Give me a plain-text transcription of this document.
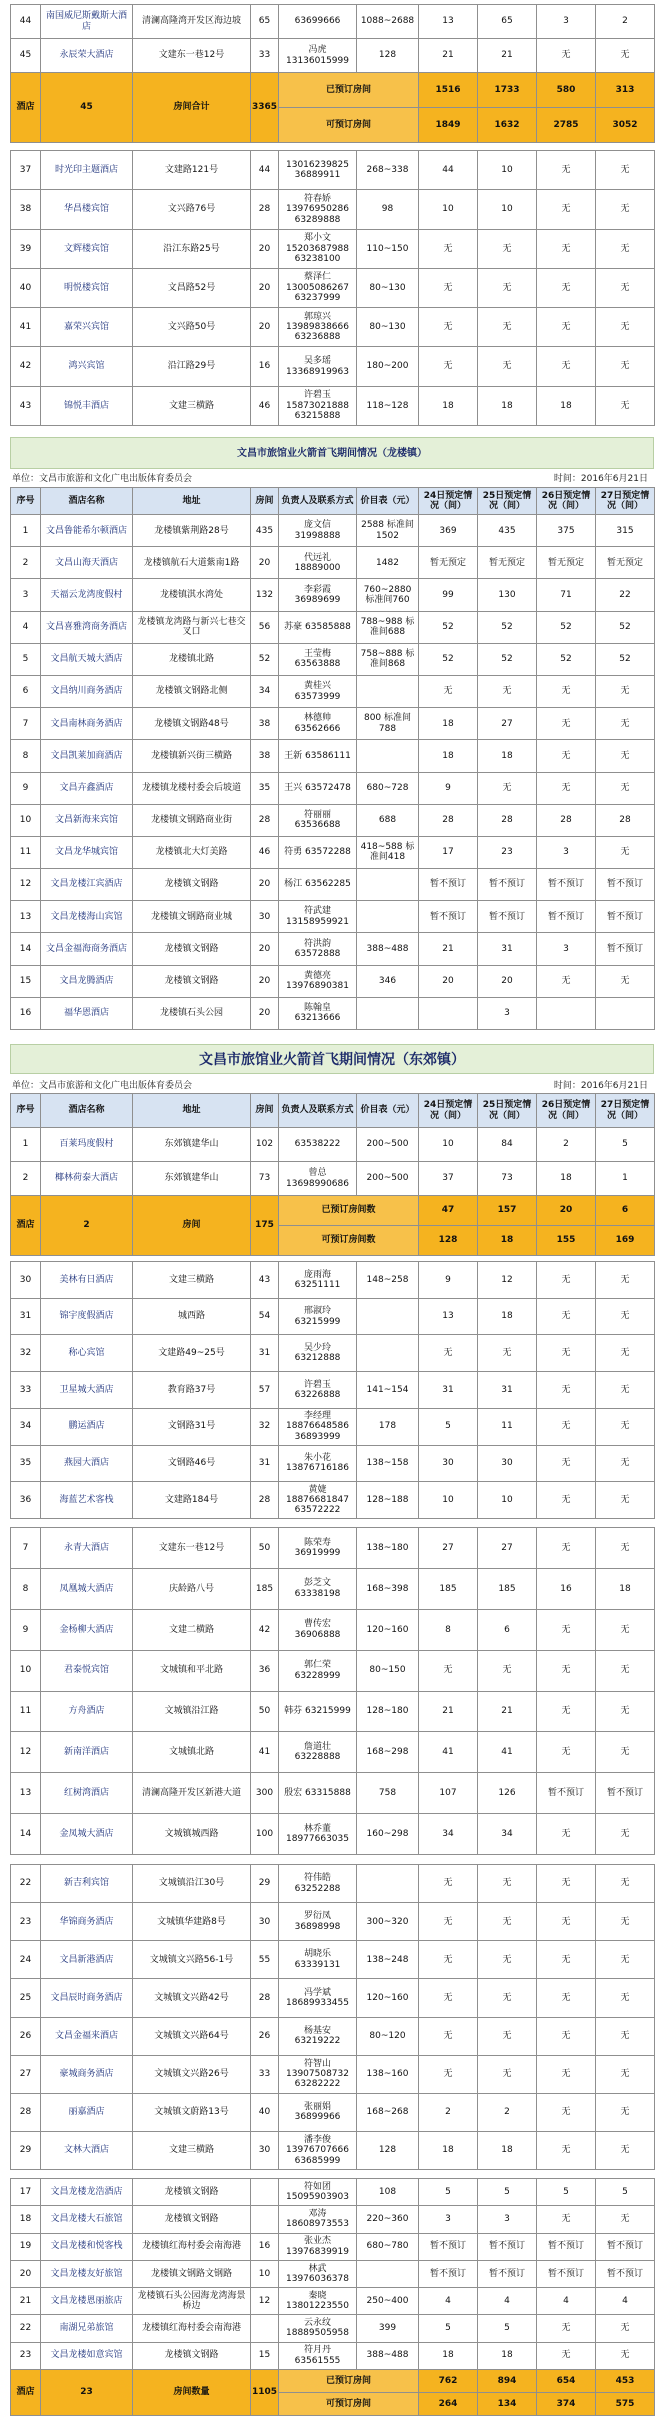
44	南国威尼斯戴斯大酒店	清澜高隆湾开发区海边坡	65	63699666	1088~2688	13	65	3	2
45	永辰荣大酒店	文建东一巷12号	33	冯虎 13136015999	128	21	21	无	无
酒店	45	房间合计	3365	已预订房间		1516	1733	580	313
				可预订房间		1849	1632	2785	3052
37	时光印主题酒店	文建路121号	44	13016239825 36889911	268~338	44	10	无	无
38	华昌楼宾馆	文兴路76号	28	符春娇 13976950286 63289888	98	10	10	无	无
39	文辉楼宾馆	沿江东路25号	20	郑小文 15203687988 63238100	110~150	无	无	无	无
40	明悦楼宾馆	文昌路52号	20	蔡泽仁 13005086267 63237999	80~130	无	无	无	无
41	嘉荣兴宾馆	文兴路50号	20	郭琼兴 13989838666 63236888	80~130	无	无	无	无
42	鸿兴宾馆	沿江路29号	16	吴多瑶 13368919963	180~200	无	无	无	无
43	锦悦丰酒店	文建三横路	46	许碧玉 15873021888 63215888	118~128	18	18	18	无
文昌市旅馆业火箭首飞期间情况（龙楼镇）
单位：文昌市旅游和文化广电出版体育委员会	时间：2016年6月21日
序号	酒店名称	地址	房间	负责人及联系方式	价目表（元）	24日预定情况（间）	25日预定情况（间）	26日预定情况（间）	27日预定情况（间）
1	文昌鲁能希尔顿酒店	龙楼镇紫荆路28号	435	庞文信 31998888	2588 标准间1502	369	435	375	315
2	文昌山海天酒店	龙楼镇航石大道紫南1路	20	代远礼 18889000	1482	暂无预定	暂无预定	暂无预定	暂无预定
3	天福云龙湾度假村	龙楼镇淇水湾处	132	李彩霞 36989699	760~2880 标准间760	99	130	71	22
4	文昌喜雅湾商务酒店	龙楼镇龙湾路与新兴七巷交叉口	56	苏豪 63585888	788~988 标准间688	52	52	52	52
5	文昌航天城大酒店	龙楼镇北路	52	王莹梅 63563888	758~888 标准间868	52	52	52	52
6	文昌纳川商务酒店	龙楼镇文钢路北侧	34	黄桂兴 63573999		无	无	无	无
7	文昌南林商务酒店	龙楼镇文钢路48号	38	林德帅 63562666	800 标准间788	18	27	无	无
8	文昌凯莱加商酒店	龙楼镇新兴街三横路	38	王新 63586111		18	18	无	无
9	文昌卉鑫酒店	龙楼镇龙楼村委会后坡道	35	王兴 63572478	680~728	9	无	无	无
10	文昌新海来宾馆	龙楼镇文钢路商业街	28	符丽丽 63536688	688	28	28	28	28
11	文昌龙华城宾馆	龙楼镇北大灯美路	46	符勇 63572288	418~588 标准间418	17	23	3	无
12	文昌龙楼江宾酒店	龙楼镇文钢路	20	杨江 63562285		暂不预订	暂不预订	暂不预订	暂不预订
13	文昌龙楼海山宾馆	龙楼镇文钢路商业城	30	符武建 13158959921		暂不预订	暂不预订	暂不预订	暂不预订
14	文昌金福海商务酒店	龙楼镇文钢路	20	符洪韵 63572888	388~488	21	31	3	暂不预订
15	文昌龙腾酒店	龙楼镇文钢路	20	黄德亮 13976890381	346	20	20	无	无
16	福华恩酒店	龙楼镇石头公园	20	陈翰皇 63213666			3		
文昌市旅馆业火箭首飞期间情况（东郊镇）
单位：文昌市旅游和文化广电出版体育委员会	时间：2016年6月21日
序号	酒店名称	地址	房间	负责人及联系方式	价目表（元）	24日预定情况（间）	25日预定情况（间）	26日预定情况（间）	27日预定情况（间）
1	百莱玛度假村	东郊镇建华山	102	63538222	200~500	10	84	2	5
2	椰林荷泰大酒店	东郊镇建华山	73	曾总 13698990686	200~500	37	73	18	1
酒店	2	房间	175	已预订房间数		47	157	20	6
				可预订房间数		128	18	155	169
30	美林有日酒店	文建三横路	43	庞雨海 63251111	148~258	9	12	无	无
31	锦宇度假酒店	城西路	54	邢淑玲 63215999		13	18	无	无
32	称心宾馆	文建路49~25号	31	吴少玲 63212888		无	无	无	无
33	卫星城大酒店	教育路37号	57	许碧玉 63226888	141~154	31	31	无	无
34	鹏运酒店	文钢路31号	32	李经理 18876648586 36893999	178	5	11	无	无
35	燕园大酒店	文钢路46号	31	朱小花 13876716186	138~158	30	30	无	无
36	海蓝艺术客栈	文建路184号	28	黄婕 18876681847 63572222	128~188	10	10	无	无
7	永青大酒店	文建东一巷12号	50	陈荣寿 36919999	138~180	27	27	无	无
8	凤凰城大酒店	庆龄路八号	185	彭芝文 63338198	168~398	185	185	16	18
9	金杨柳大酒店	文建二横路	42	曹传宏 36906888	120~160	8	6	无	无
10	君泰悦宾馆	文城镇和平北路	36	郭仁荣 63228999	80~150	无	无	无	无
11	方舟酒店	文城镇沿江路	50	韩芬 63215999	128~180	21	21	无	无
12	新南洋酒店	文城镇北路	41	詹道壮 63228888	168~298	41	41	无	无
13	红树湾酒店	清澜高隆开发区新港大道	300	殷宏 63315888	758	107	126	暂不预订	暂不预订
14	金凤城大酒店	文城镇城西路	100	林乔董 18977663035	160~298	34	34	无	无
22	新吉利宾馆	文城镇沿江30号	29	符伟皓 63252288		无	无	无	无
23	华锦商务酒店	文城镇华建路8号	30	罗衍凤 36898998	300~320	无	无	无	无
24	文昌新港酒店	文城镇文兴路56-1号	55	胡晓乐 63339131	138~248	无	无	无	无
25	文昌辰时商务酒店	文城镇文兴路42号	28	冯学斌 18689933455	120~160	无	无	无	无
26	文昌金福来酒店	文城镇文兴路64号	26	杨基安 63219222	80~120	无	无	无	无
27	豪城商务酒店	文城镇文兴路26号	33	符智山 13907508732 63282222	138~160	无	无	无	无
28	丽嘉酒店	文城镇文蔚路13号	40	张丽娟 36899966	168~268	2	2	无	无
29	文林大酒店	文建三横路	30	潘李俊 13976707666 63685999	128	18	18	无	无
17	文昌龙楼龙浩酒店	龙楼镇文钢路		符如团 15095903903	108	5	5	5	5
18	文昌龙楼大石旅馆	龙楼镇文钢路		邓涛 18608973553	220~360	3	3	无	无
19	文昌龙楼和悦客栈	龙楼镇红海村委会南海港	16	张业杰 13976839919	680~780	暂不预订	暂不预订	暂不预订	暂不预订
20	文昌龙楼友好旅馆	龙楼镇文钢路文钢路	10	林武 13976036378		暂不预订	暂不预订	暂不预订	暂不预订
21	文昌龙楼恩丽旅店	龙楼镇石头公园海龙湾海景桥边	12	秦晓 13801223550	250~400	4	4	4	4
22	南湖兄弟旅馆	龙楼镇红海村委会南海港		云永纹 18889505958	399	5	5	无	无
23	文昌龙楼如意宾馆	龙楼镇文钢路	15	符月丹 63561555	388~488	18	18	无	无
酒店	23	房间数量	1105	已预订房间		762	894	654	453
				可预订房间		264	134	374	575
